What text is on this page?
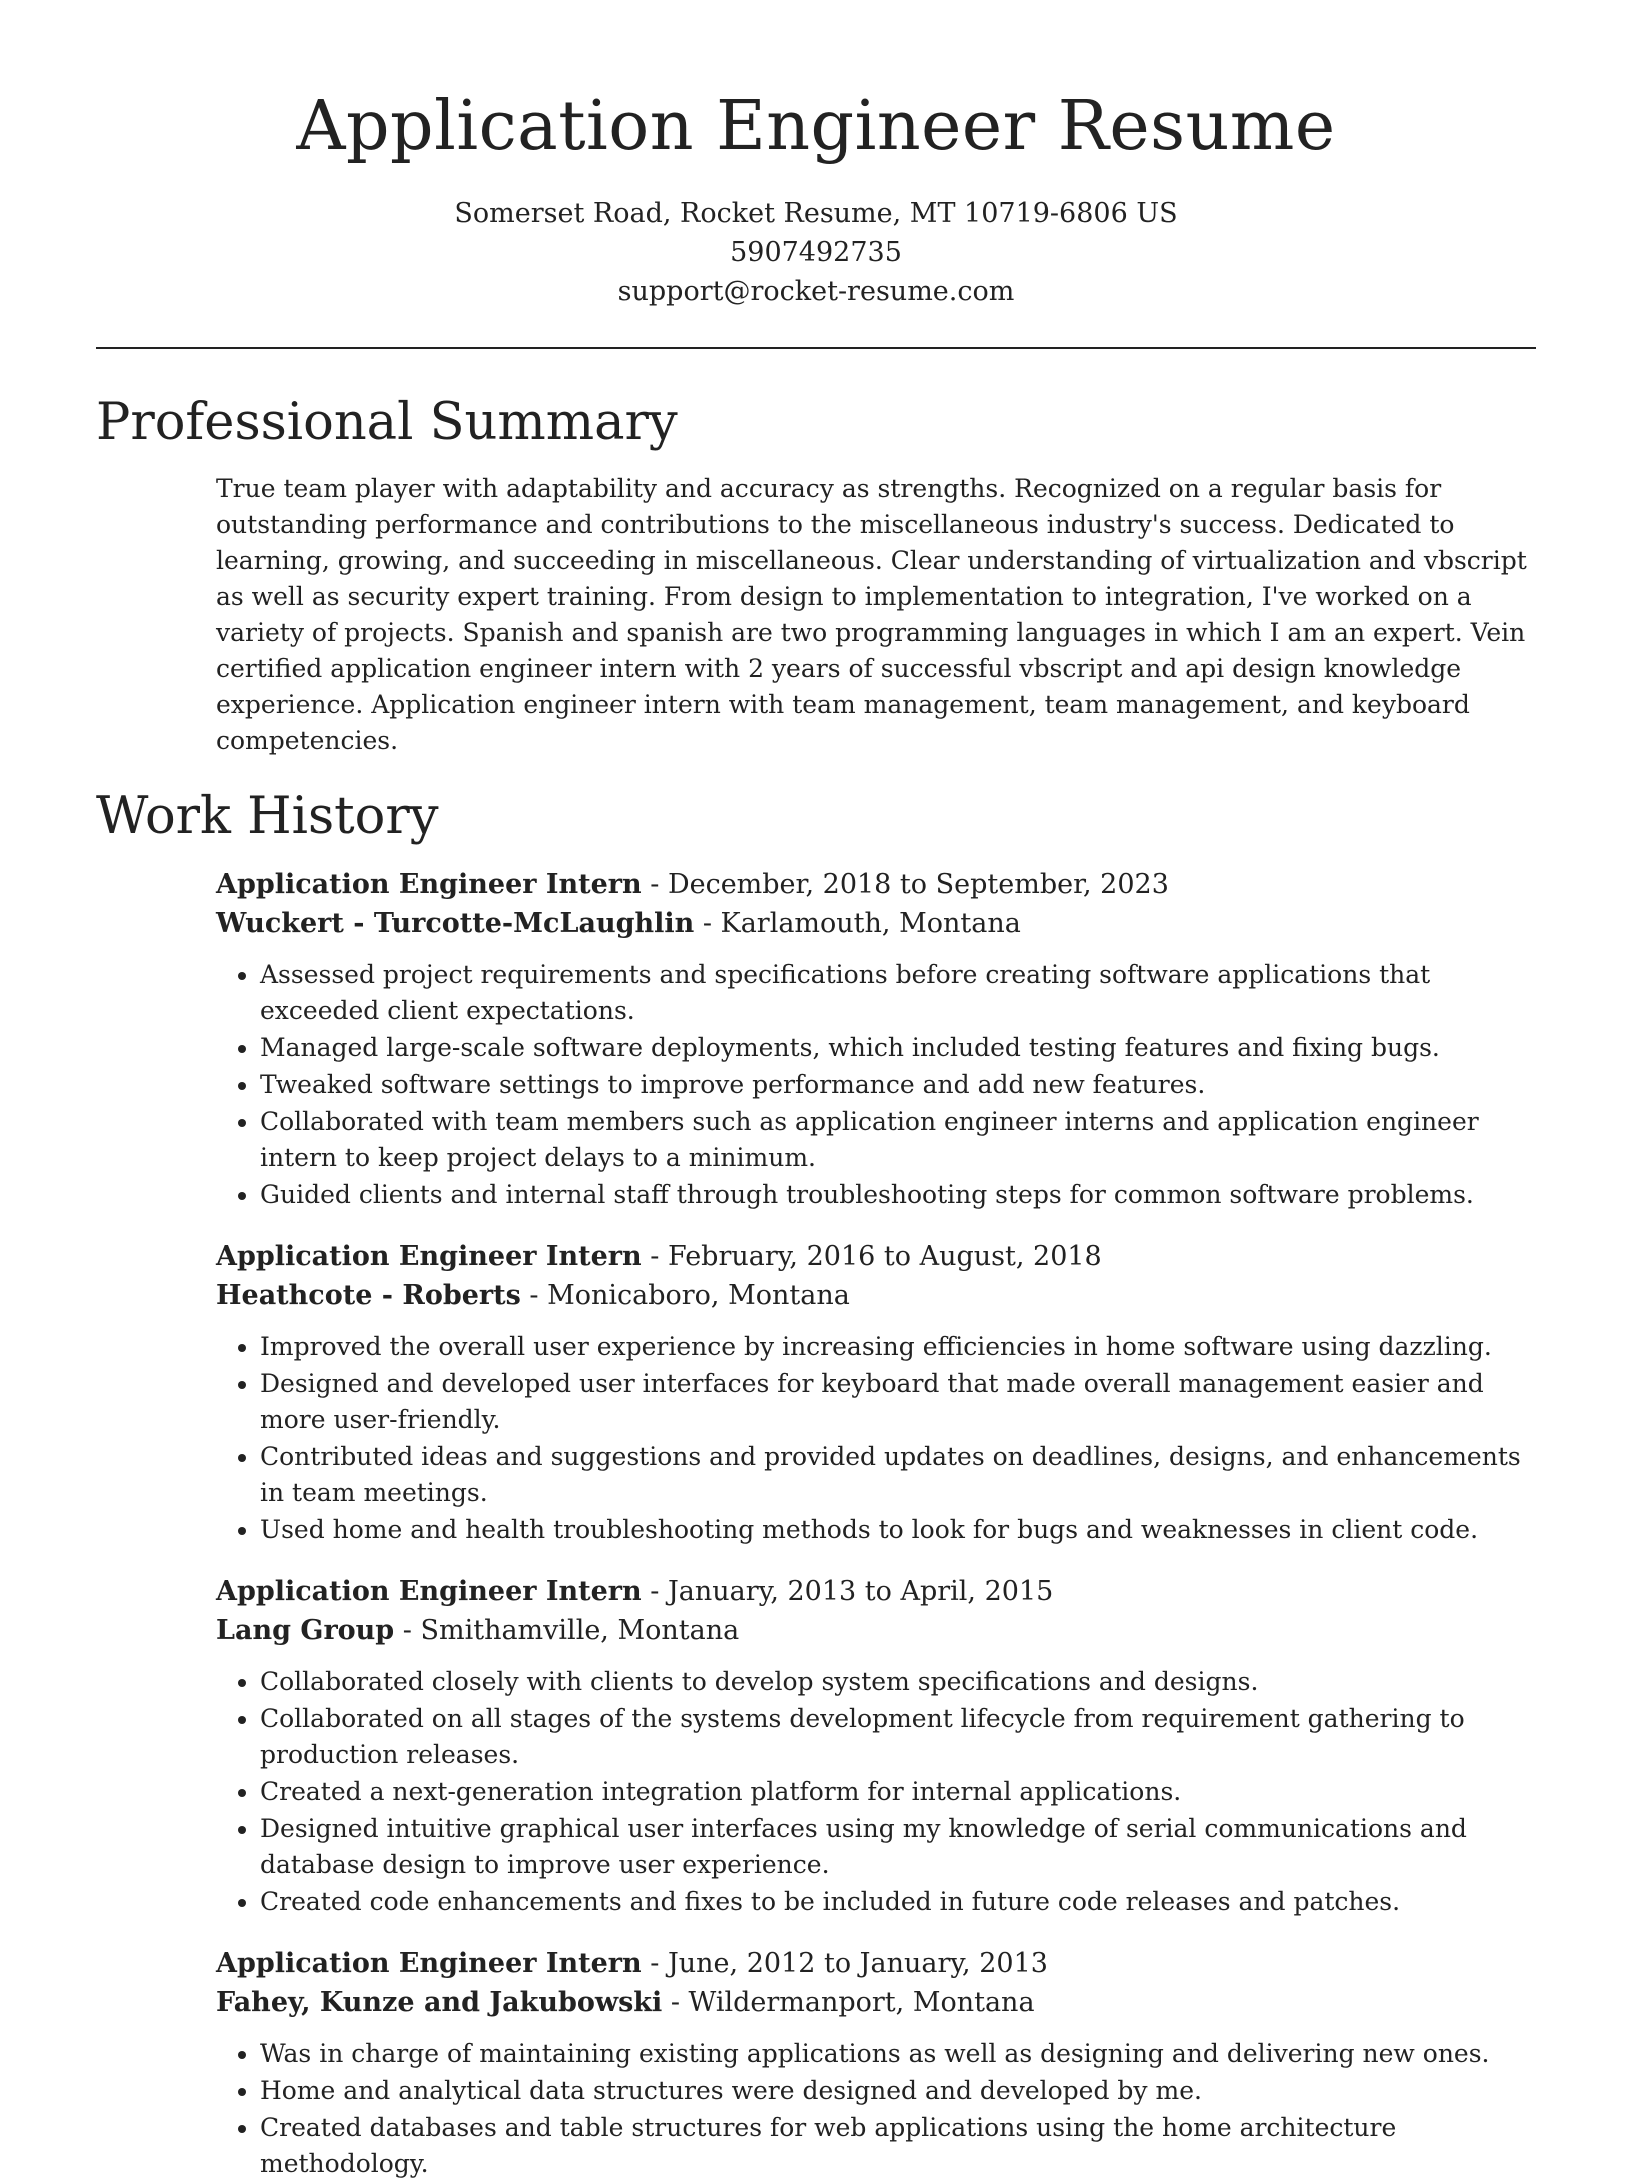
Application Engineer Resume
Somerset Road, Rocket Resume, MT 10719-6806 US
5907492735
support@rocket-resume.com
Professional Summary
True team player with adaptability and accuracy as strengths. Recognized on a regular basis for outstanding performance and contributions to the miscellaneous industry's success. Dedicated to learning, growing, and succeeding in miscellaneous. Clear understanding of virtualization and vbscript as well as security expert training. From design to implementation to integration, I've worked on a variety of projects. Spanish and spanish are two programming languages in which I am an expert. Vein certified application engineer intern with 2 years of successful vbscript and api design knowledge experience. Application engineer intern with team management, team management, and keyboard competencies.
Work History
Application Engineer Intern - December, 2018 to September, 2023
Wuckert - Turcotte-McLaughlin - Karlamouth, Montana
• Assessed project requirements and specifications before creating software applications that exceeded client expectations.
• Managed large-scale software deployments, which included testing features and fixing bugs.
• Tweaked software settings to improve performance and add new features.
• Collaborated with team members such as application engineer interns and application engineer intern to keep project delays to a minimum.
• Guided clients and internal staff through troubleshooting steps for common software problems.
Application Engineer Intern - February, 2016 to August, 2018
Heathcote - Roberts - Monicaboro, Montana
• Improved the overall user experience by increasing efficiencies in home software using dazzling.
• Designed and developed user interfaces for keyboard that made overall management easier and more user-friendly.
• Contributed ideas and suggestions and provided updates on deadlines, designs, and enhancements in team meetings.
• Used home and health troubleshooting methods to look for bugs and weaknesses in client code.
Application Engineer Intern - January, 2013 to April, 2015
Lang Group - Smithamville, Montana
• Collaborated closely with clients to develop system specifications and designs.
• Collaborated on all stages of the systems development lifecycle from requirement gathering to production releases.
• Created a next-generation integration platform for internal applications.
• Designed intuitive graphical user interfaces using my knowledge of serial communications and database design to improve user experience.
• Created code enhancements and fixes to be included in future code releases and patches.
Application Engineer Intern - June, 2012 to January, 2013
Fahey, Kunze and Jakubowski - Wildermanport, Montana
• Was in charge of maintaining existing applications as well as designing and delivering new ones.
• Home and analytical data structures were designed and developed by me.
• Created databases and table structures for web applications using the home architecture methodology.
